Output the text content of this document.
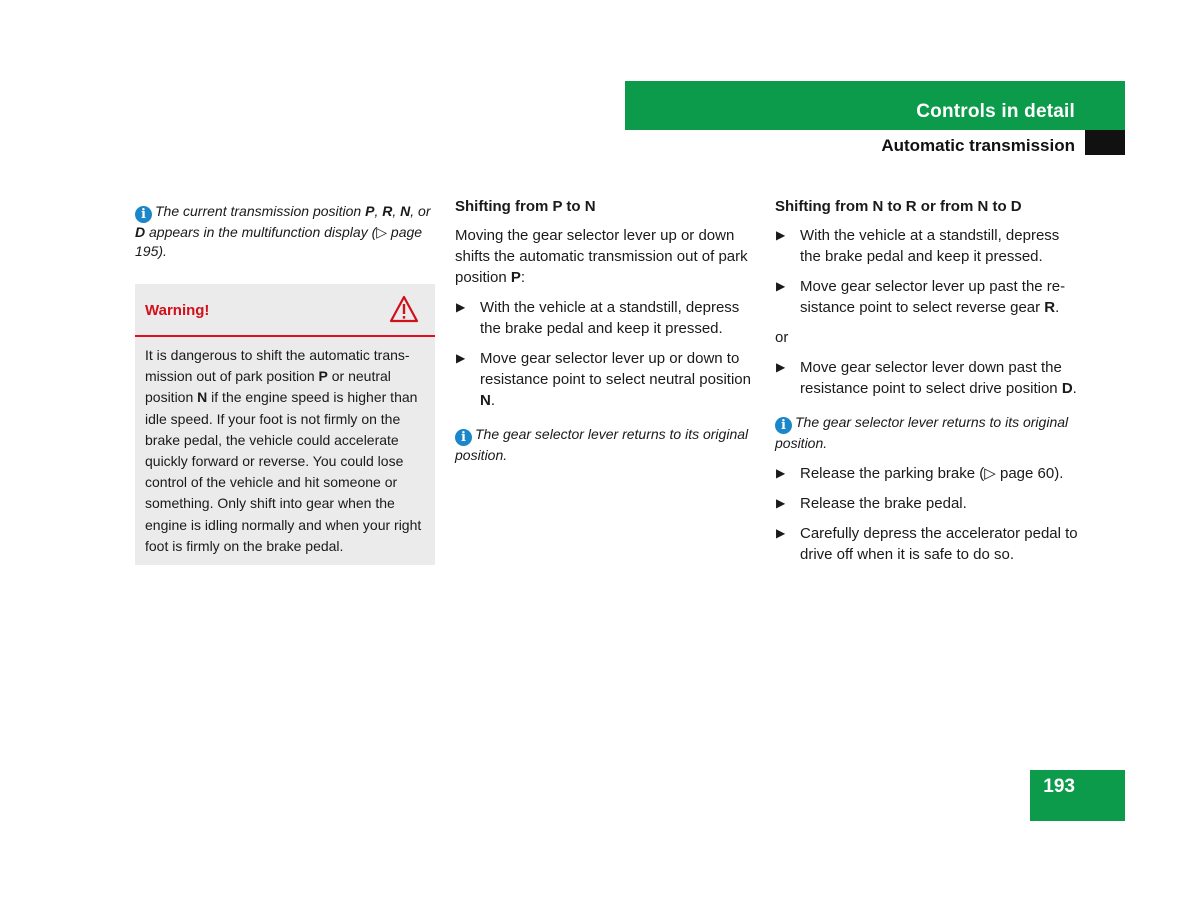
Controls in detail
Automatic transmission
i The current transmission position P, R, N, or D appears in the multifunction display (▷ page 195).
Warning!
It is dangerous to shift the automatic trans-mission out of park position P or neutral position N if the engine speed is higher than idle speed. If your foot is not firmly on the brake pedal, the vehicle could accelerate quickly forward or reverse. You could lose control of the vehicle and hit someone or something. Only shift into gear when the engine is idling normally and when your right foot is firmly on the brake pedal.
Shifting from P to N

Moving the gear selector lever up or down shifts the automatic transmission out of park position P:

▶ With the vehicle at a standstill, depress the brake pedal and keep it pressed.
▶ Move gear selector lever up or down to resistance point to select neutral position N.
i The gear selector lever returns to its original position.
Shifting from N to R or from N to D
▶ With the vehicle at a standstill, depress the brake pedal and keep it pressed.
▶ Move gear selector lever up past the re-sistance point to select reverse gear R.
or
▶ Move gear selector lever down past the resistance point to select drive position D.
i The gear selector lever returns to its original position.
▶ Release the parking brake (▷ page 60).
▶ Release the brake pedal.
▶ Carefully depress the accelerator pedal to drive off when it is safe to do so.
193
